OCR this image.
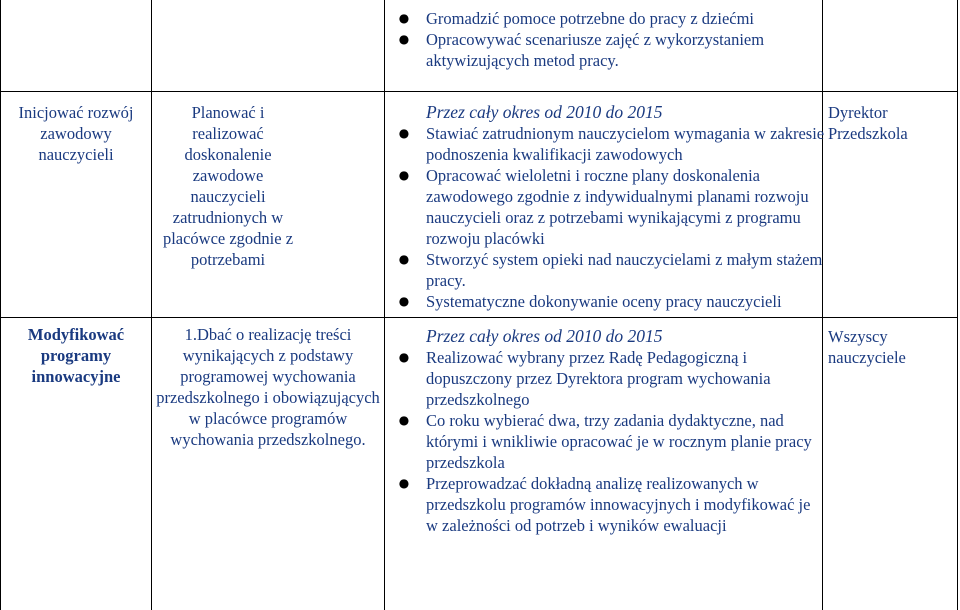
● Gromadzić pomoce potrzebne do pracy z dziećmi
● Opracowywać scenariusze zajęć z wykorzystaniem aktywizujących metod pracy.
Inicjować rozwój zawodowy nauczycieli
Planować i realizować doskonalenie zawodowe nauczycieli zatrudnionych w placówce zgodnie z potrzebami
Przez cały okres od 2010 do 2015
● Stawiać zatrudnionym nauczycielom wymagania w zakresie podnoszenia kwalifikacji zawodowych
● Opracować wieloletni i roczne plany doskonalenia zawodowego zgodnie z indywidualnymi planami rozwoju nauczycieli oraz z potrzebami wynikającymi z programu rozwoju placówki
● Stworzyć system opieki nad nauczycielami z małym stażem pracy.
● Systematyczne dokonywanie oceny pracy nauczycieli
Dyrektor Przedszkola
Modyfikować programy innowacyjne
1.Dbać o realizację treści wynikających z podstawy programowej wychowania przedszkolnego i obowiązujących w placówce programów wychowania przedszkolnego.
Przez cały okres od 2010 do 2015
● Realizować wybrany przez Radę Pedagogiczną i dopuszczony przez Dyrektora program wychowania przedszkolnego
● Co roku wybierać dwa, trzy zadania dydaktyczne, nad którymi i wnikliwie opracować je w rocznym planie pracy przedszkola
● Przeprowadzać dokładną analizę realizowanych w przedszkolu programów innowacyjnych i modyfikować je w zależności od potrzeb i wyników ewaluacji
Wszyscy nauczyciele
